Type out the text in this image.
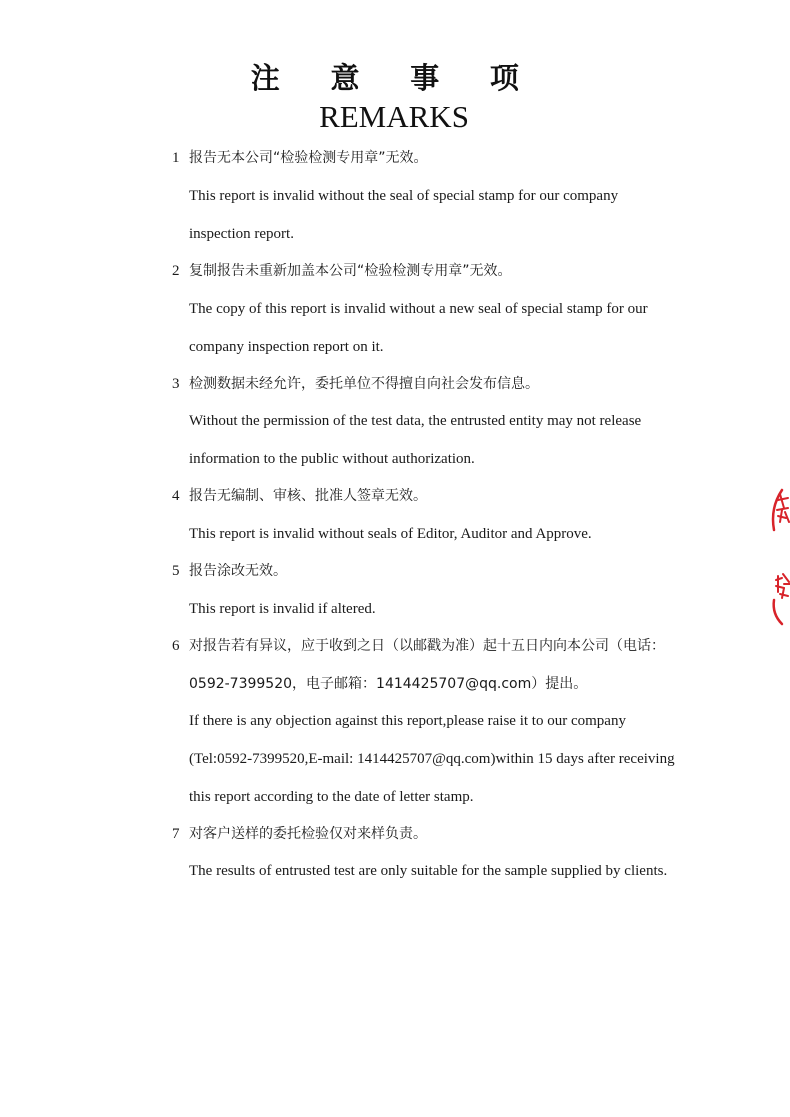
注 意 事 项
REMARKS
1 报告无本公司“检验检测专用章”无效。
This report is invalid without the seal of special stamp for our company
inspection report.
2 复制报告未重新加盖本公司“检验检测专用章”无效。
The copy of this report is invalid without a new seal of special stamp for our
company inspection report on it.
3 检测数据未经允许，委托单位不得擅自向社会发布信息。
Without the permission of the test data, the entrusted entity may not release
information to the public without authorization.
4 报告无编制、审核、批准人签章无效。
This report is invalid without seals of Editor, Auditor and Approve.
5 报告涂改无效。
This report is invalid if altered.
6 对报告若有异议，应于收到之日（以邮戳为准）起十五日内向本公司（电话：
0592-7399520，电子邮箱：1414425707@qq.com）提出。
If there is any objection against this report,please raise it to our company
(Tel:0592-7399520,E-mail: 1414425707@qq.com)within 15 days after receiving
this report according to the date of letter stamp.
7 对客户送样的委托检验仅对来样负责。
The results of entrusted test are only suitable for the sample supplied by clients.
